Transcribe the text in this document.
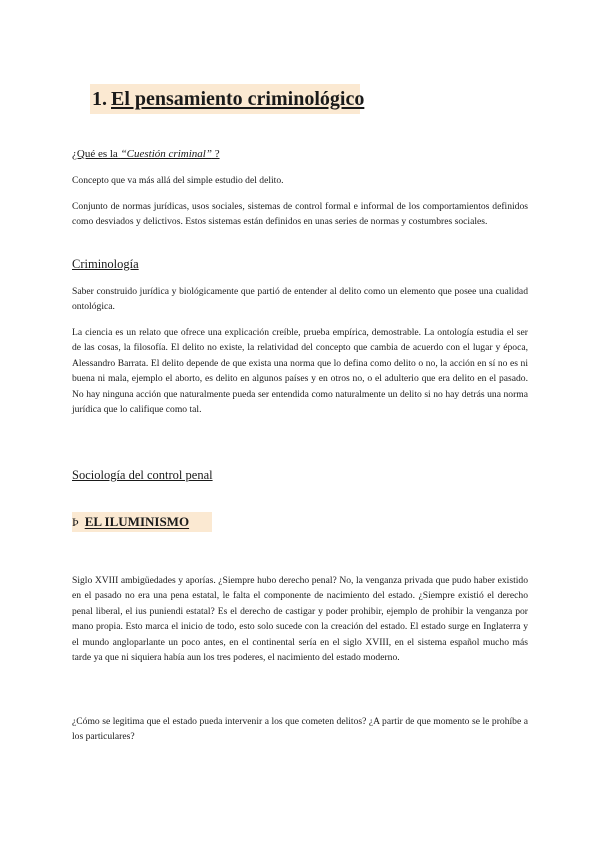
1. El pensamiento criminológico
¿Qué es la “Cuestión criminal” ?

Concepto que va más allá del simple estudio del delito.

Conjunto de normas jurídicas, usos sociales, sistemas de control formal e informal de los comportamientos definidos como desviados y delictivos. Estos sistemas están definidos en unas series de normas y costumbres sociales.

Criminología

Saber construido jurídica y biológicamente que partió de entender al delito como un elemento que posee una cualidad ontológica.

La ciencia es un relato que ofrece una explicación creíble, prueba empírica, demostrable. La ontología estudia el ser de las cosas, la filosofía. El delito no existe, la relatividad del concepto que cambia de acuerdo con el lugar y época, Alessandro Barrata. El delito depende de que exista una norma que lo defina como delito o no, la acción en sí no es ni buena ni mala, ejemplo el aborto, es delito en algunos países y en otros no, o el adulterio que era delito en el pasado. No hay ninguna acción que naturalmente pueda ser entendida como naturalmente un delito si no hay detrás una norma jurídica que lo califique como tal.

Sociología del control penal
Þ EL ILUMINISMO

Siglo XVIII ambigüedades y aporías. ¿Siempre hubo derecho penal? No, la venganza privada que pudo haber existido en el pasado no era una pena estatal, le falta el componente de nacimiento del estado. ¿Siempre existió el derecho penal liberal, el ius puniendi estatal? Es el derecho de castigar y poder prohibir, ejemplo de prohibir la venganza por mano propia. Esto marca el inicio de todo, esto solo sucede con la creación del estado. El estado surge en Inglaterra y el mundo angloparlante un poco antes, en el continental sería en el siglo XVIII, en el sistema español mucho más tarde ya que ni siquiera había aun los tres poderes, el nacimiento del estado moderno.

¿Cómo se legitima que el estado pueda intervenir a los que cometen delitos? ¿A partir de que momento se le prohíbe a los particulares?
